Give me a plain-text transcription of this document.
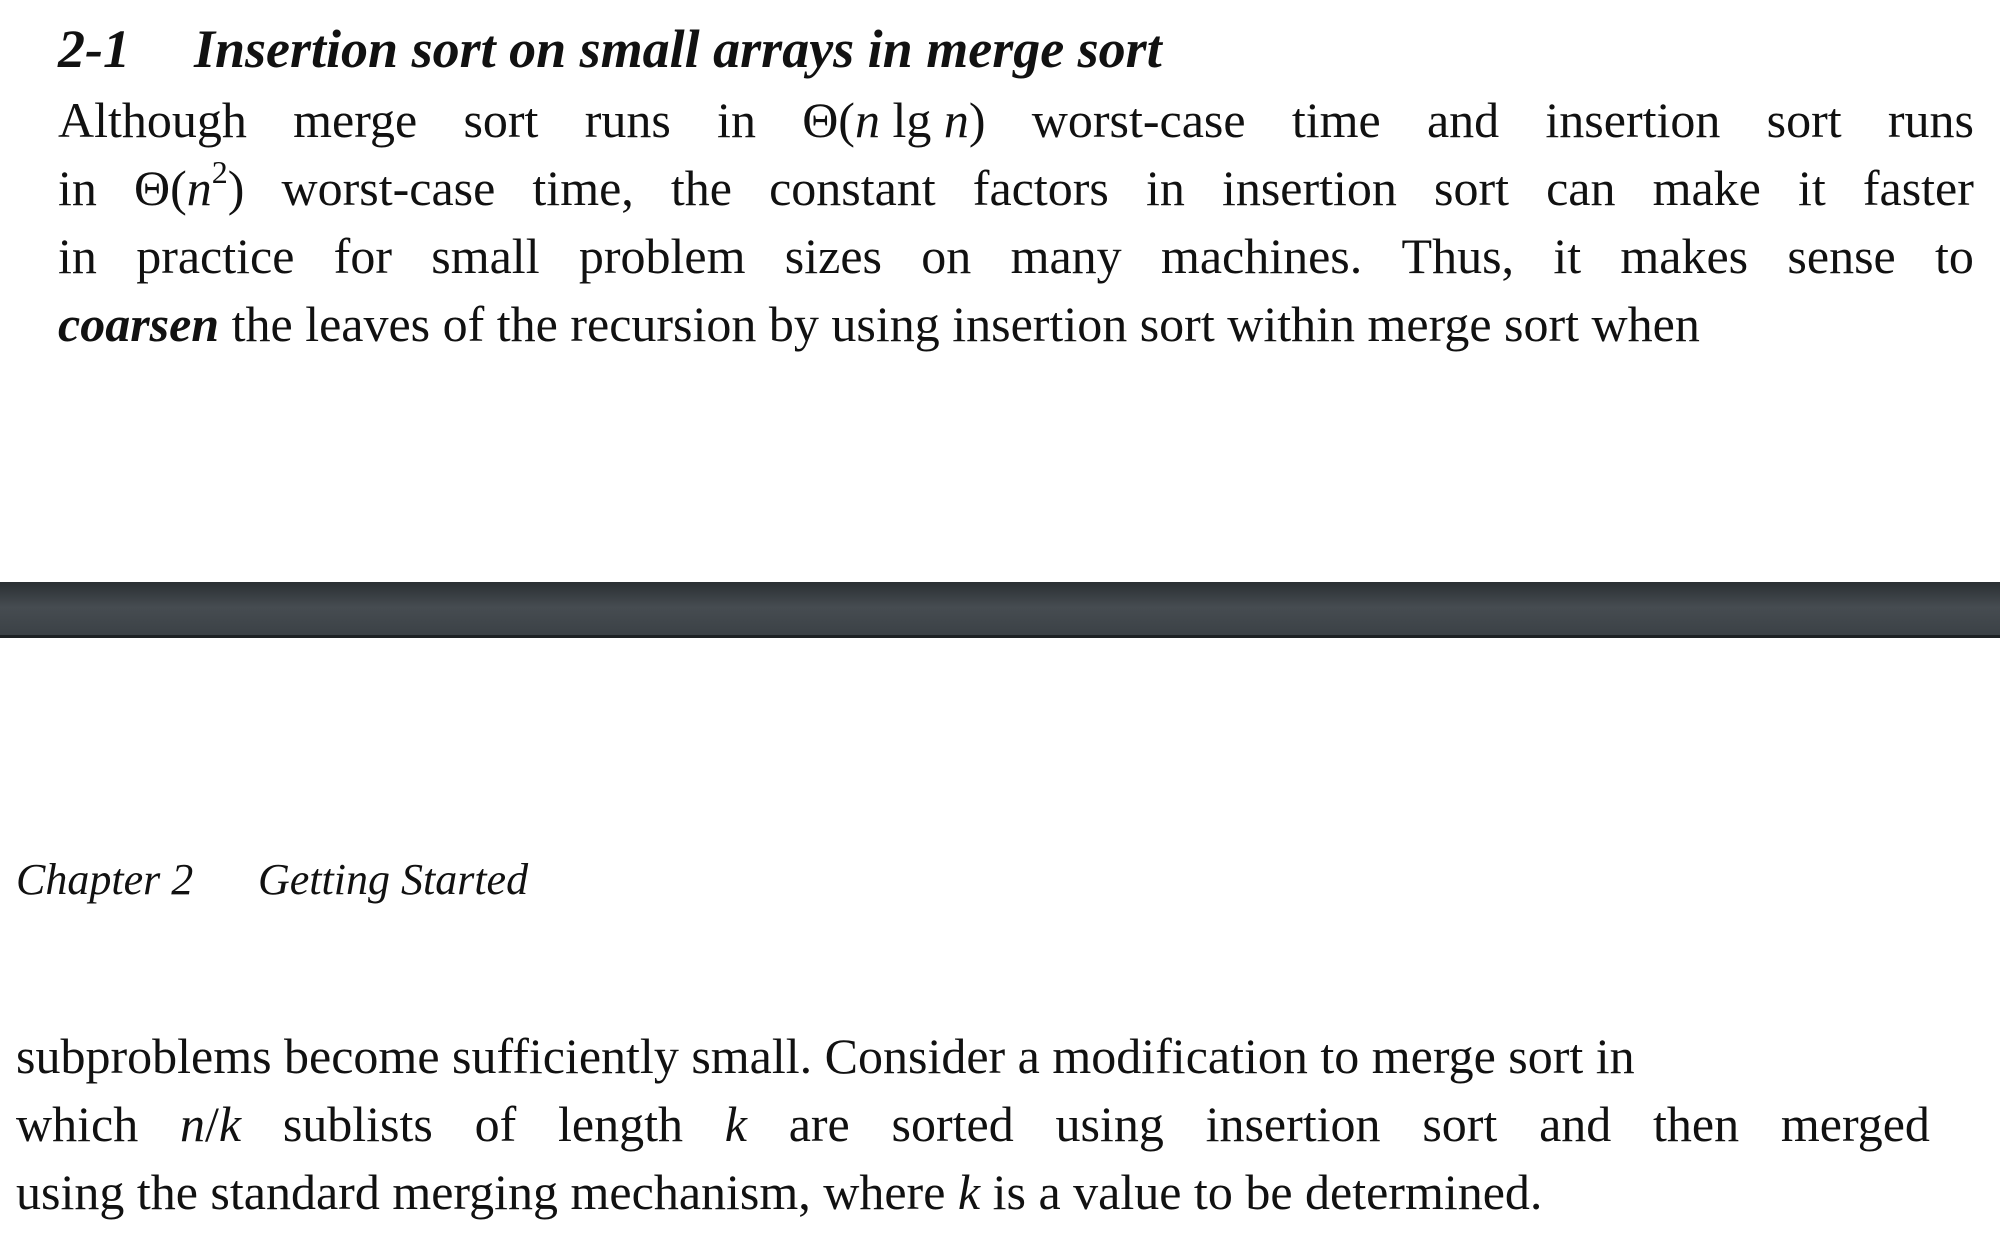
2-1 Insertion sort on small arrays in merge sort
Although merge sort runs in Θ(n lg n) worst-case time and insertion sort runs
in $\Theta(n^2)$ worst-case time, the constant factors in insertion sort can make it faster
in practice for small problem sizes on many machines. Thus, it makes sense to
coarsen the leaves of the recursion by using insertion sort within merge sort when
Chapter 2 Getting Started
subproblems become sufficiently small. Consider a modification to merge sort in
which n/k sublists of length k are sorted using insertion sort and then merged
using the standard merging mechanism, where k is a value to be determined.
